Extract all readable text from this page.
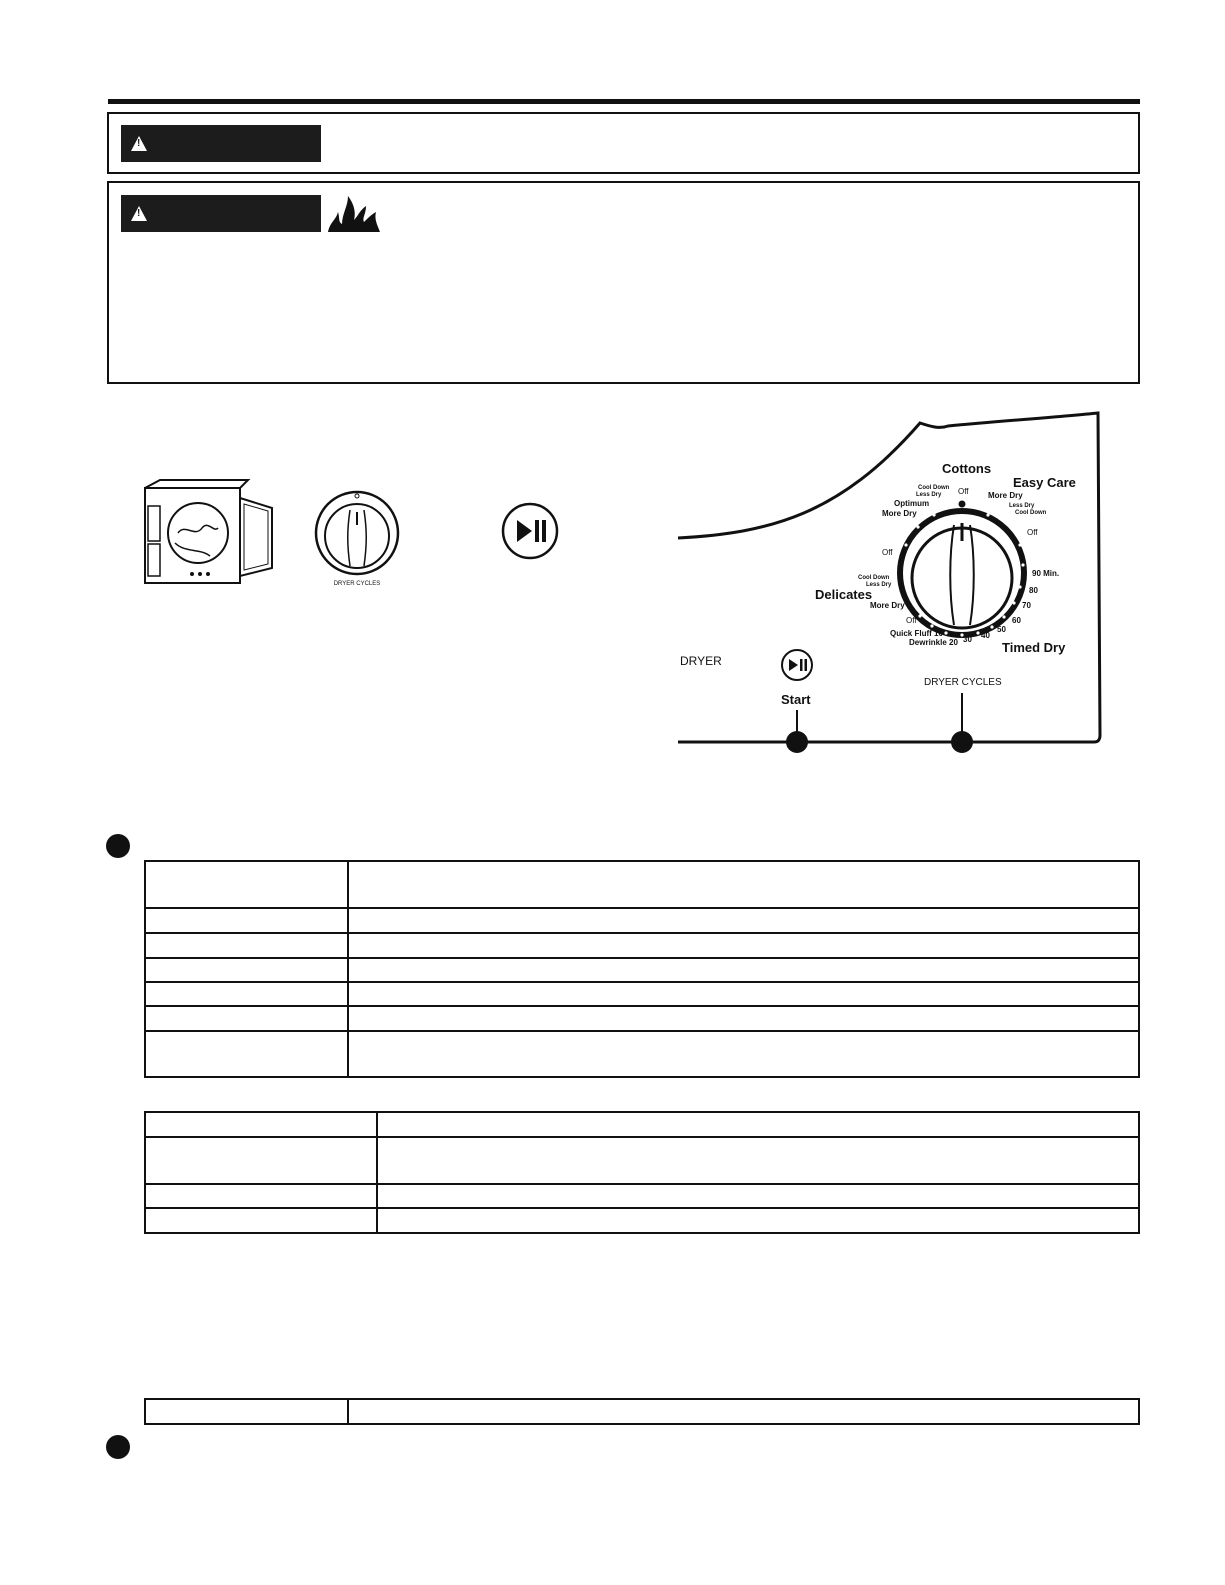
!
!
DRYER CYCLES
Cottons
Easy Care
Delicates
Timed Dry
Cool Down
Less Dry
Optimum
More Dry
Off More Dry
Less Dry
Cool Down
Off
Off
Cool Down
Less Dry
More Dry
Off
Quick Fluff 10
Dewrinkle 20 30 40
50
60
70
80
90 Min.
DRYER
Start
DRYER CYCLES
